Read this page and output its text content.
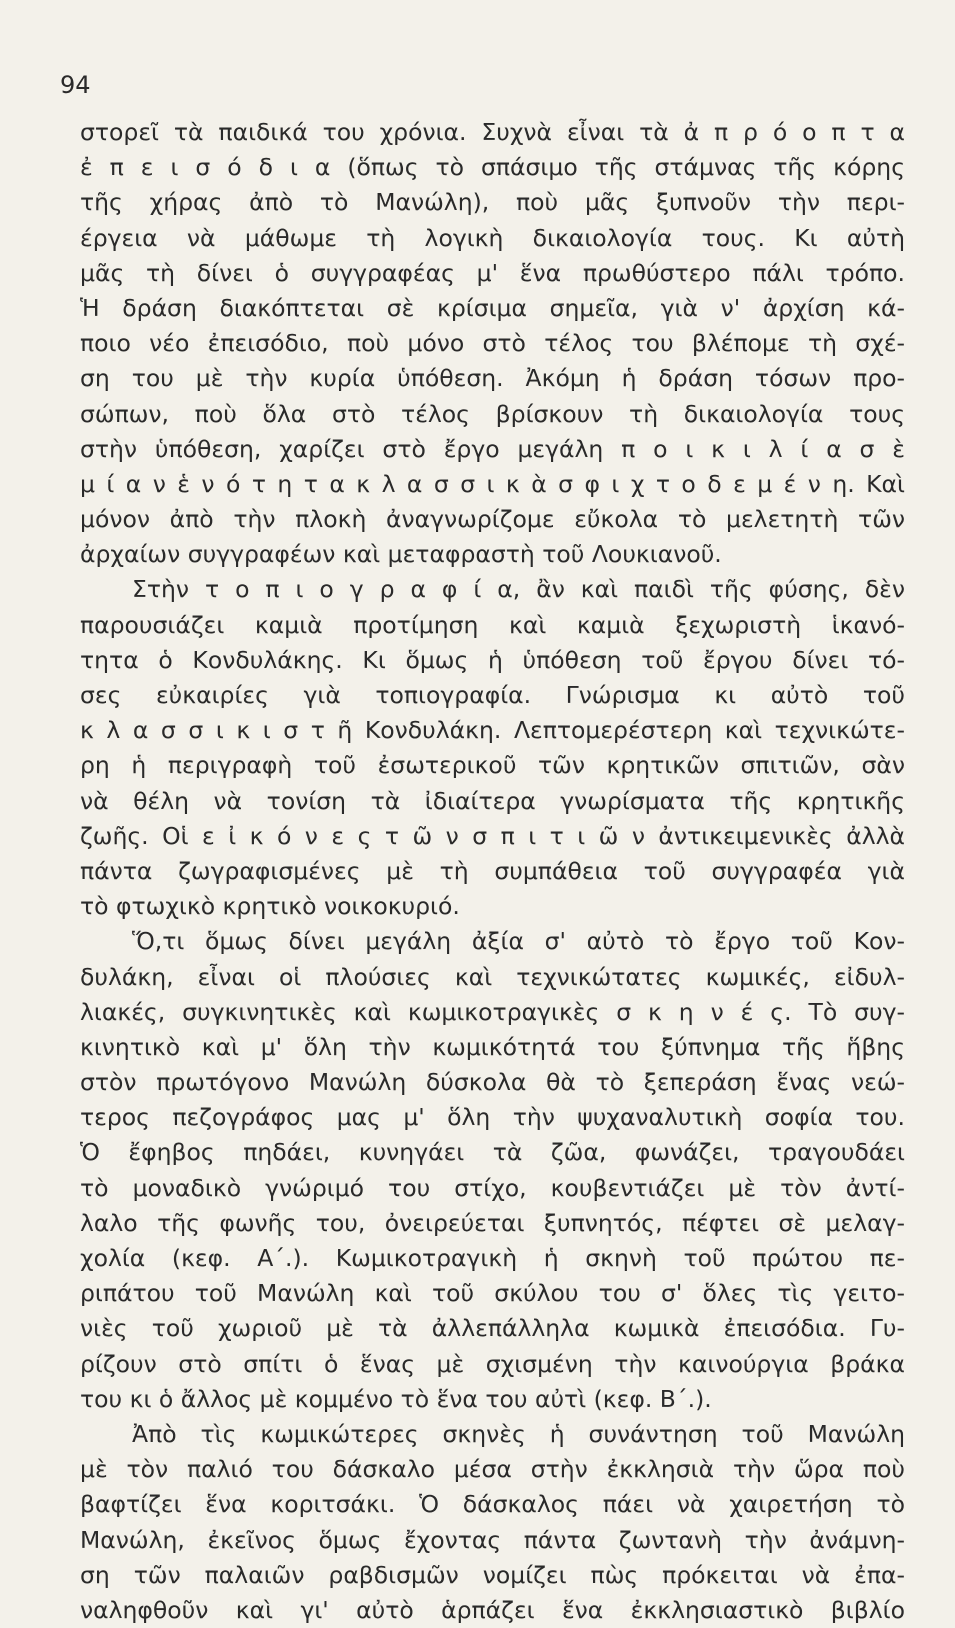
94
στορεῖ τὰ παιδικά του χρόνια. Συχνὰ εἶναι τὰ ἀ π ρ ό ο π τ α
ἐ π ε ι σ ό δ ι α (ὅπως τὸ σπάσιμο τῆς στάμνας τῆς κόρης
τῆς χήρας ἀπὸ τὸ Μανώλη), ποὺ μᾶς ξυπνοῦν τὴν περι-
έργεια νὰ μάθωμε τὴ λογικὴ δικαιολογία τους. Κι αὐτὴ
μᾶς τὴ δίνει ὁ συγγραφέας μ' ἕνα πρωθύστερο πάλι τρόπο.
Ἡ δράση διακόπτεται σὲ κρίσιμα σημεῖα, γιὰ ν' ἀρχίση κά-
ποιο νέο ἐπεισόδιο, ποὺ μόνο στὸ τέλος του βλέπομε τὴ σχέ-
ση του μὲ τὴν κυρία ὑπόθεση. Ἀκόμη ἡ δράση τόσων προ-
σώπων, ποὺ ὅλα στὸ τέλος βρίσκουν τὴ δικαιολογία τους
στὴν ὑπόθεση, χαρίζει στὸ ἔργο μεγάλη π ο ι κ ι λ ί α σ ὲ
μ ί α ν ἑ ν ό τ η τ α κ λ α σ σ ι κ ὰ σ φ ι χ τ ο δ ε μ έ ν η. Καὶ
μόνον ἀπὸ τὴν πλοκὴ ἀναγνωρίζομε εὔκολα τὸ μελετητὴ τῶν
ἀρχαίων συγγραφέων καὶ μεταφραστὴ τοῦ Λουκιανοῦ.
Στὴν τ ο π ι ο γ ρ α φ ί α, ἂν καὶ παιδὶ τῆς φύσης, δὲν
παρουσιάζει καμιὰ προτίμηση καὶ καμιὰ ξεχωριστὴ ἱκανό-
τητα ὁ Κονδυλάκης. Κι ὅμως ἡ ὑπόθεση τοῦ ἔργου δίνει τό-
σες εὐκαιρίες γιὰ τοπιογραφία. Γνώρισμα κι αὐτὸ τοῦ
κ λ α σ σ ι κ ι σ τ ῆ Κονδυλάκη. Λεπτομερέστερη καὶ τεχνικώτε-
ρη ἡ περιγραφὴ τοῦ ἐσωτερικοῦ τῶν κρητικῶν σπιτιῶν, σὰν
νὰ θέλη νὰ τονίση τὰ ἰδιαίτερα γνωρίσματα τῆς κρητικῆς
ζωῆς. Οἱ ε ἰ κ ό ν ε ς τ ῶ ν σ π ι τ ι ῶ ν ἀντικειμενικὲς ἀλλὰ
πάντα ζωγραφισμένες μὲ τὴ συμπάθεια τοῦ συγγραφέα γιὰ
τὸ φτωχικὸ κρητικὸ νοικοκυριό.
Ὅ,τι ὅμως δίνει μεγάλη ἀξία σ' αὐτὸ τὸ ἔργο τοῦ Κον-
δυλάκη, εἶναι οἱ πλούσιες καὶ τεχνικώτατες κωμικές, εἰδυλ-
λιακές, συγκινητικὲς καὶ κωμικοτραγικὲς σ κ η ν έ ς. Τὸ συγ-
κινητικὸ καὶ μ' ὅλη τὴν κωμικότητά του ξύπνημα τῆς ἥβης
στὸν πρωτόγονο Μανώλη δύσκολα θὰ τὸ ξεπεράση ἕνας νεώ-
τερος πεζογράφος μας μ' ὅλη τὴν ψυχαναλυτικὴ σοφία του.
Ὁ ἔφηβος πηδάει, κυνηγάει τὰ ζῶα, φωνάζει, τραγουδάει
τὸ μοναδικὸ γνώριμό του στίχο, κουβεντιάζει μὲ τὸν ἀντί-
λαλο τῆς φωνῆς του, ὀνειρεύεται ξυπνητός, πέφτει σὲ μελαγ-
χολία (κεφ. Α΄.). Κωμικοτραγικὴ ἡ σκηνὴ τοῦ πρώτου πε-
ριπάτου τοῦ Μανώλη καὶ τοῦ σκύλου του σ' ὅλες τὶς γειτο-
νιὲς τοῦ χωριοῦ μὲ τὰ ἀλλεπάλληλα κωμικὰ ἐπεισόδια. Γυ-
ρίζουν στὸ σπίτι ὁ ἕνας μὲ σχισμένη τὴν καινούργια βράκα
του κι ὁ ἄλλος μὲ κομμένο τὸ ἕνα του αὐτὶ (κεφ. Β΄.).
Ἀπὸ τὶς κωμικώτερες σκηνὲς ἡ συνάντηση τοῦ Μανώλη
μὲ τὸν παλιό του δάσκαλο μέσα στὴν ἐκκλησιὰ τὴν ὥρα ποὺ
βαφτίζει ἕνα κοριτσάκι. Ὁ δάσκαλος πάει νὰ χαιρετήση τὸ
Μανώλη, ἐκεῖνος ὅμως ἔχοντας πάντα ζωντανὴ τὴν ἀνάμνη-
ση τῶν παλαιῶν ραβδισμῶν νομίζει πὼς πρόκειται νὰ ἐπα-
ναληφθοῦν καὶ γι' αὐτὸ ἁρπάζει ἕνα ἐκκλησιαστικὸ βιβλίο
